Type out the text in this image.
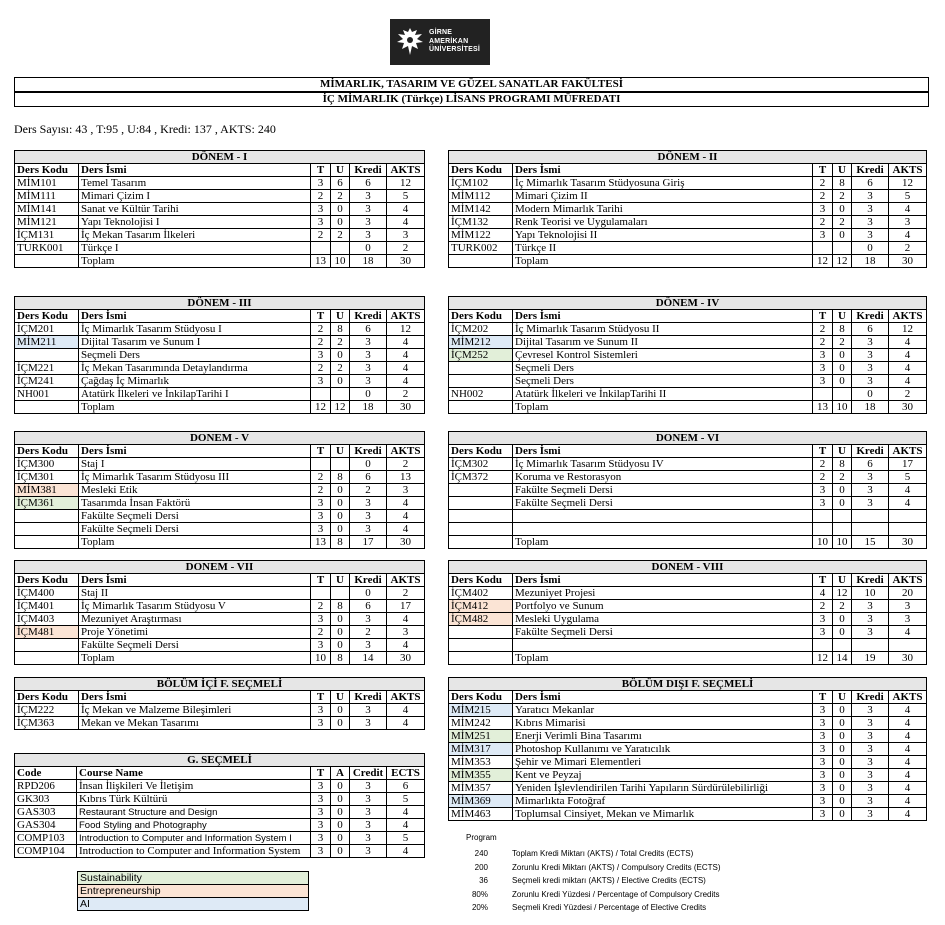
GİRNE
AMERİKAN
ÜNİVERSİTESİ
MİMARLIK, TASARIM VE GÜZEL SANATLAR FAKÜLTESİ
İÇ MİMARLIK (Türkçe) LİSANS PROGRAMI MÜFREDATI
Ders Sayısı: 43 , T:95 , U:84 , Kredi: 137 , AKTS: 240
DÖNEM - I					
Ders Kodu	Ders İsmi	T	U	Kredi	AKTS
MİM101	Temel Tasarım	3	6	6	12
MİM111	Mimari Çizim I	2	2	3	5
MİM141	Sanat ve Kültür Tarihi	3	0	3	4
MİM121	Yapı Teknolojisi I	3	0	3	4
İÇM131	İç Mekan Tasarım İlkeleri	2	2	3	3
TURK001	Türkçe I			0	2
	Toplam	13	10	18	30
DÖNEM - II					
Ders Kodu	Ders İsmi	T	U	Kredi	AKTS
İÇM102	İç Mimarlık Tasarım Stüdyosuna Giriş	2	8	6	12
MİM112	Mimari Çizim II	2	2	3	5
MİM142	Modern Mimarlık Tarihi	3	0	3	4
İÇM132	Renk Teorisi ve Uygulamaları	2	2	3	3
MİM122	Yapı Teknolojisi II	3	0	3	4
TURK002	Türkçe II			0	2
	Toplam	12	12	18	30
DÖNEM - III					
Ders Kodu	Ders İsmi	T	U	Kredi	AKTS
İÇM201	İç Mimarlık Tasarım Stüdyosu I	2	8	6	12
MİM211	Dijital Tasarım ve Sunum I	2	2	3	4
	Seçmeli Ders	3	0	3	4
İÇM221	İç Mekan Tasarımında Detaylandırma	2	2	3	4
İÇM241	Çağdaş İç Mimarlık	3	0	3	4
NH001	Atatürk İlkeleri ve İnkilapTarihi I			0	2
	Toplam	12	12	18	30
DÖNEM - IV					
Ders Kodu	Ders İsmi	T	U	Kredi	AKTS
İÇM202	İç Mimarlık Tasarım Stüdyosu II	2	8	6	12
MİM212	Dijital Tasarım ve Sunum II	2	2	3	4
İÇM252	Çevresel Kontrol Sistemleri	3	0	3	4
	Seçmeli Ders	3	0	3	4
	Seçmeli Ders	3	0	3	4
NH002	Atatürk İlkeleri ve İnkilapTarihi II			0	2
	Toplam	13	10	18	30
DONEM - V					
Ders Kodu	Ders İsmi	T	U	Kredi	AKTS
İÇM300	Staj I			0	2
İÇM301	İç Mimarlık Tasarım Stüdyosu III	2	8	6	13
MİM381	Mesleki Etik	2	0	2	3
İÇM361	Tasarımda İnsan Faktörü	3	0	3	4
	Fakülte Seçmeli Dersi	3	0	3	4
	Fakülte Seçmeli Dersi	3	0	3	4
	Toplam	13	8	17	30
DONEM - VI					
Ders Kodu	Ders İsmi	T	U	Kredi	AKTS
İÇM302	İç Mimarlık Tasarım Stüdyosu IV	2	8	6	17
İÇM372	Koruma ve Restorasyon	2	2	3	5
	Fakülte Seçmeli Dersi	3	0	3	4
	Fakülte Seçmeli Dersi	3	0	3	4

	Toplam	10	10	15	30
DONEM - VII					
Ders Kodu	Ders İsmi	T	U	Kredi	AKTS
İÇM400	Staj II			0	2
İÇM401	İç Mimarlık Tasarım Stüdyosu V	2	8	6	17
İÇM403	Mezuniyet Araştırması	3	0	3	4
İÇM481	Proje Yönetimi	2	0	2	3
	Fakülte Seçmeli Dersi	3	0	3	4
	Toplam	10	8	14	30
DONEM - VIII					
Ders Kodu	Ders İsmi	T	U	Kredi	AKTS
İÇM402	Mezuniyet Projesi	4	12	10	20
İÇM412	Portfolyo ve Sunum	2	2	3	3
İÇM482	Mesleki Uygulama	3	0	3	3
	Fakülte Seçmeli Dersi	3	0	3	4

	Toplam	12	14	19	30
BÖLÜM İÇİ F. SEÇMELİ					
Ders Kodu	Ders İsmi	T	U	Kredi	AKTS
İÇM222	İç Mekan ve Malzeme Bileşimleri	3	0	3	4
İÇM363	Mekan ve Mekan Tasarımı	3	0	3	4
BÖLÜM DIŞI F. SEÇMELİ					
Ders Kodu	Ders İsmi	T	U	Kredi	AKTS
MİM215	Yaratıcı Mekanlar	3	0	3	4
MİM242	Kıbrıs Mimarisi	3	0	3	4
MİM251	Enerji Verimli Bina Tasarımı	3	0	3	4
MİM317	Photoshop Kullanımı ve Yaratıcılık	3	0	3	4
MİM353	Şehir ve Mimari Elementleri	3	0	3	4
MİM355	Kent ve Peyzaj	3	0	3	4
MİM357	Yeniden İşlevlendirilen Tarihi Yapıların Sürdürülebilirliği	3	0	3	4
MİM369	Mimarlıkta Fotoğraf	3	0	3	4
MİM463	Toplumsal Cinsiyet, Mekan ve Mimarlık	3	0	3	4
G. SEÇMELİ					
Code	Course Name	T	A	Credit	ECTS
RPD206	İnsan İlişkileri Ve İletişim	3	0	3	6
GK303	Kıbrıs Türk Kültürü	3	0	3	5
GAS303	Restaurant Structure and Design	3	0	3	4
GAS304	Food Styling and Photography	3	0	3	4
COMP103	Introduction to Computer and Information System I	3	0	3	5
COMP104	Introduction to Computer and Information System	3	0	3	4
Sustainability
Entrepreneurship
AI
Program
240	Toplam Kredi Miktarı (AKTS) / Total Credits (ECTS)
200	Zorunlu Kredi Miktarı (AKTS) / Compulsory Credits (ECTS)
36	Seçmeli kredi miktarı (AKTS) / Elective Credits (ECTS)
80%	Zorunlu Kredi Yüzdesi / Percentage of Compulsory Credits
20%	Seçmeli Kredi Yüzdesi / Percentage of Elective Credits
